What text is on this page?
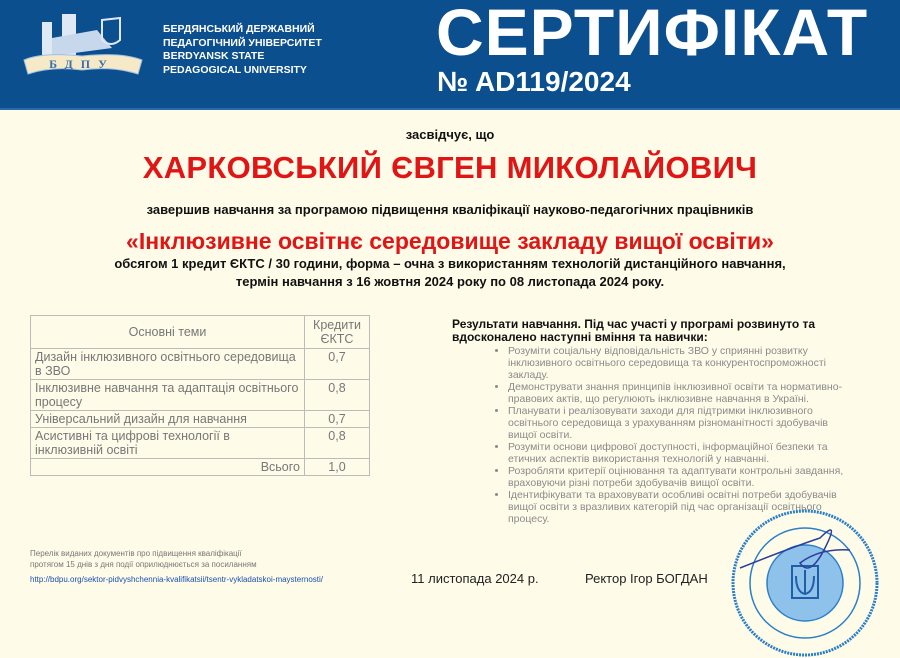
БДПУ
БЕРДЯНСЬКИЙ ДЕРЖАВНИЙ
ПЕДАГОГІЧНИЙ УНІВЕРСИТЕТ
BERDYANSK STATE
PEDAGOGICAL UNIVERSITY
СЕРТИФІКАТ
№ AD119/2024
засвідчує, що
ХАРКОВСЬКИЙ ЄВГЕН МИКОЛАЙОВИЧ
завершив навчання за програмою підвищення кваліфікації науково-педагогічних працівників
«Інклюзивне освітнє середовище закладу вищої освіти»
обсягом 1 кредит ЄКТС / 30 години, форма – очна з використанням технологій дистанційного навчання,
термін навчання з 16 жовтня 2024 року по 08 листопада 2024 року.
Основні теми	Кредити ЄКТС
Дизайн інклюзивного освітнього середовища в ЗВО	0,7
Інклюзивне навчання та адаптація освітнього процесу	0,8
Універсальний дизайн для навчання	0,7
Асистивні та цифрові технології в інклюзивній освіті	0,8
Всього	1,0
Результати навчання. Під час участі у програмі розвинуто та вдосконалено наступні вміння та навички:
• Розуміти соціальну відповідальність ЗВО у сприянні розвитку інклюзивного освітнього середовища та конкурентоспроможності закладу.
• Демонструвати знання принципів інклюзивної освіти та нормативно-правових актів, що регулюють інклюзивне навчання в Україні.
• Планувати і реалізовувати заходи для підтримки інклюзивного освітнього середовища з урахуванням різноманітності здобувачів вищої освіти.
• Розуміти основи цифрової доступності, інформаційної безпеки та етичних аспектів використання технологій у навчанні.
• Розробляти критерії оцінювання та адаптувати контрольні завдання, враховуючи різні потреби здобувачів вищої освіти.
• Ідентифікувати та враховувати особливі освітні потреби здобувачів вищої освіти з вразливих категорій під час організації освітнього процесу.
Перелік виданих документів про підвищення кваліфікації
протягом 15 днів з дня події оприлюднюється за посиланням
http://bdpu.org/sektor-pidvyshchennia-kvalifikatsii/tsentr-vykladatskoi-maysternosti/	11 листопада 2024 р.	Ректор Ігор БОГДАН
